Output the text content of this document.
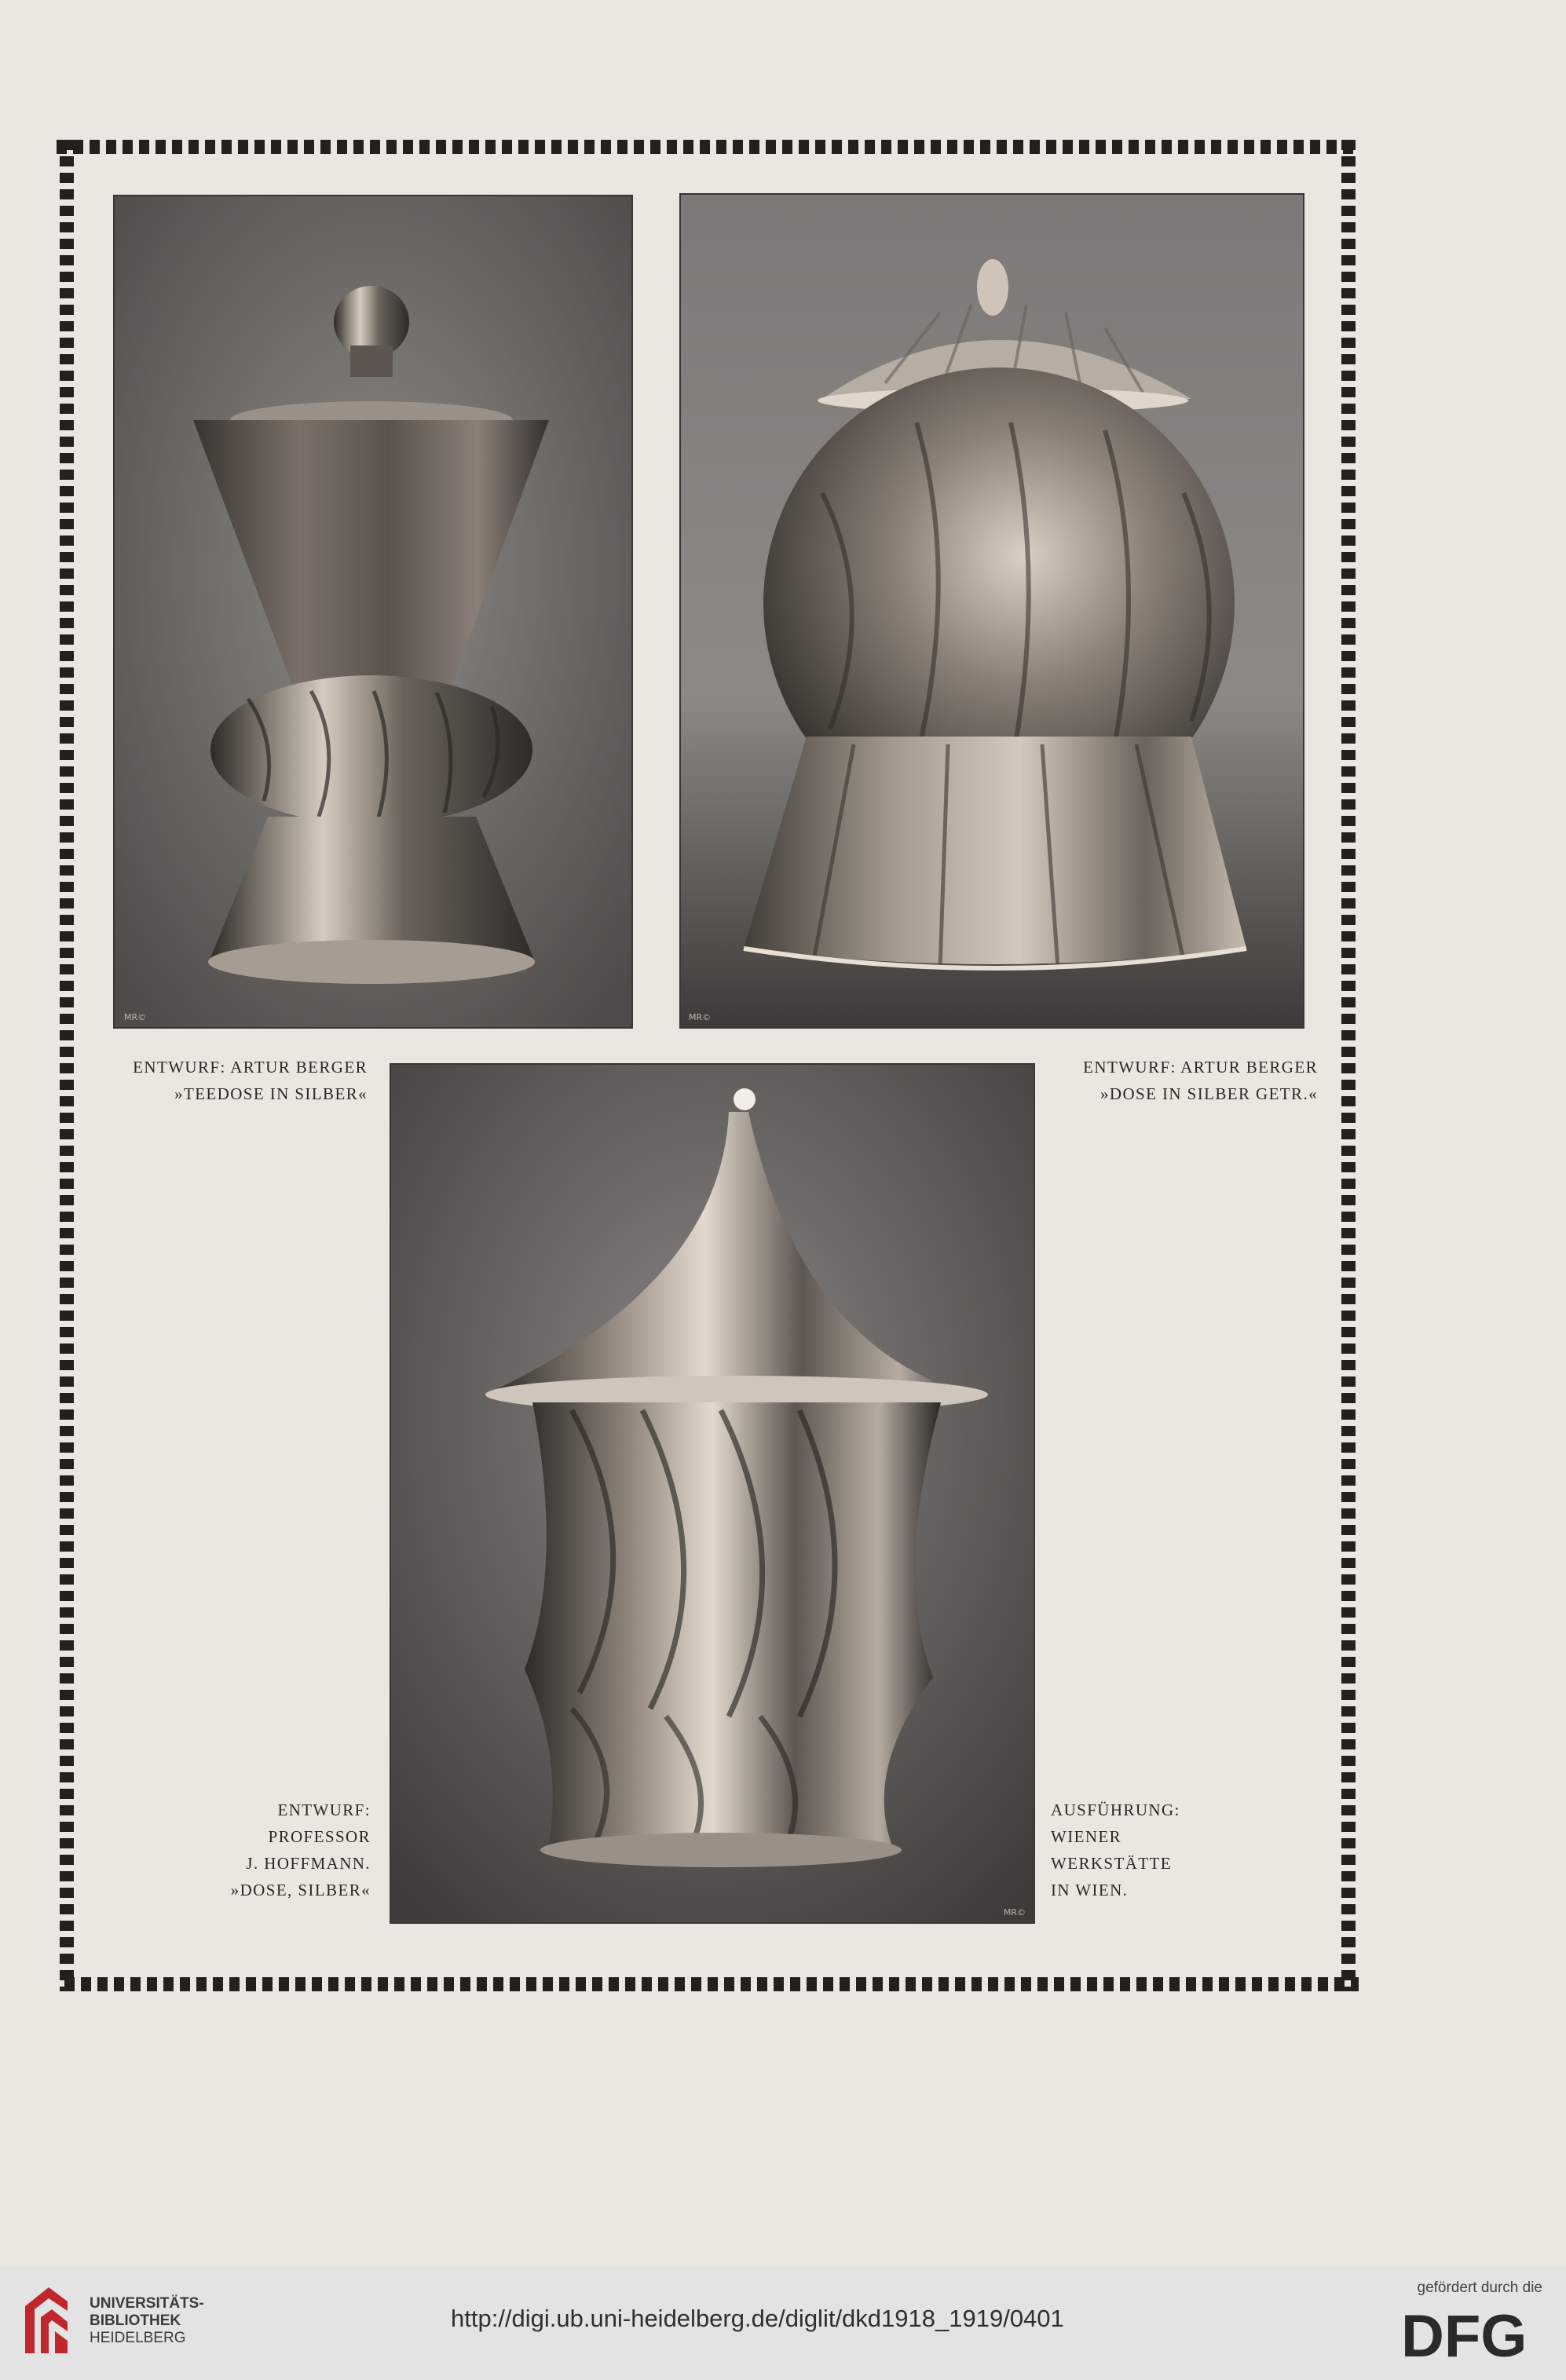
MR©	MR©
MR©
ENTWURF: ARTUR BERGER
»TEEDOSE IN SILBER«
ENTWURF: ARTUR BERGER
»DOSE IN SILBER GETR.«
ENTWURF:
PROFESSOR
J. HOFFMANN.
»DOSE, SILBER«
AUSFÜHRUNG:
WIENER
WERKSTÄTTE
IN WIEN.
UNIVERSITÄTS-
BIBLIOTHEK
HEIDELBERG
http://digi.ub.uni-heidelberg.de/diglit/dkd1918_1919/0401
gefördert durch die
DFG
